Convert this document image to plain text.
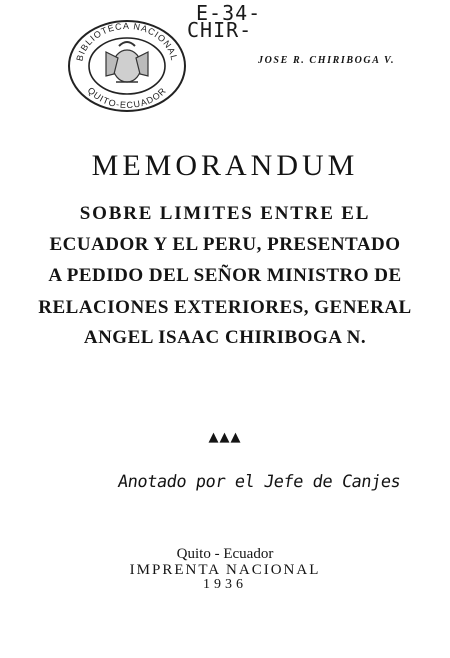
BIBLIOTECA NACIONAL
QUITO-ECUADOR
E-34-
CHIR-
JOSE R. CHIRIBOGA V.
MEMORANDUM
SOBRE LIMITES ENTRE EL
ECUADOR Y EL PERU, PRESENTADO
A PEDIDO DEL SEÑOR MINISTRO DE
RELACIONES EXTERIORES, GENERAL
ANGEL ISAAC CHIRIBOGA N.
▲▲▲
Anotado por el Jefe de Canjes
Quito - Ecuador
IMPRENTA NACIONAL
1936
